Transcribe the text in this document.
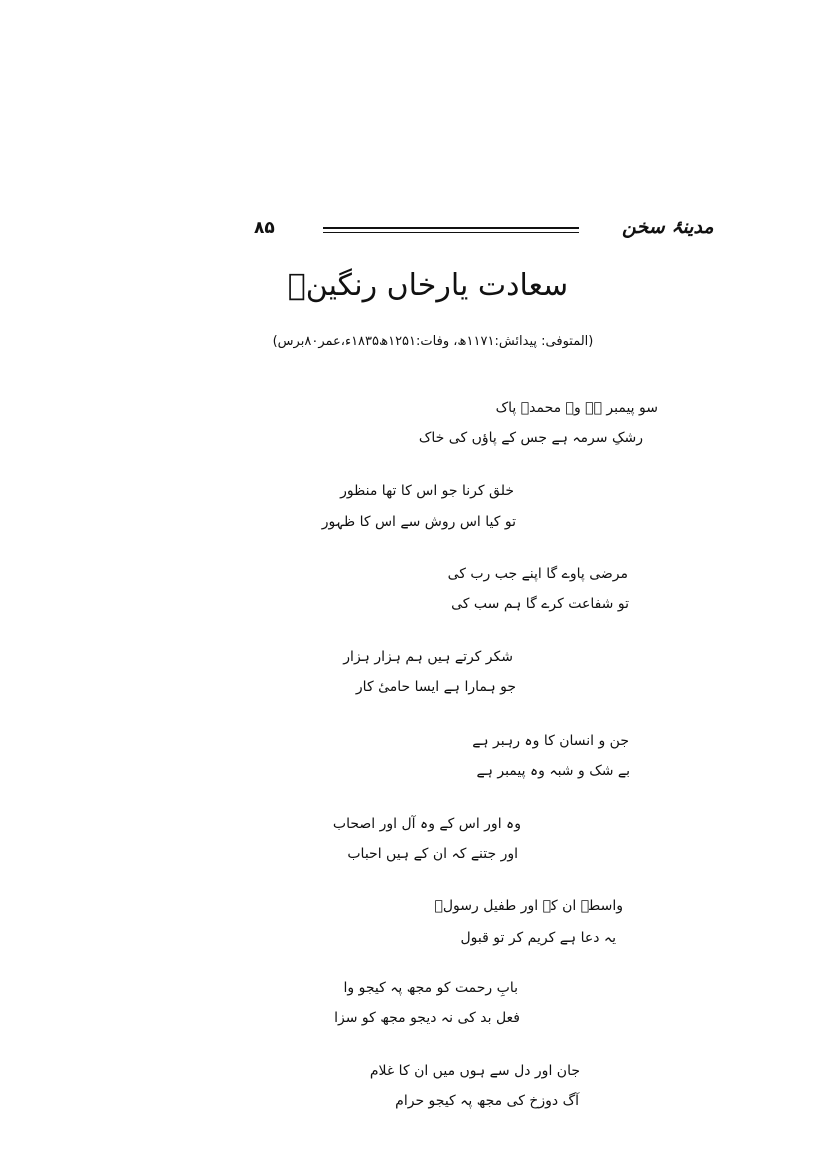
۸۵	مدینۂ سخن
سعادت یارخاں رنگینؔ
(المتوفی: پیدائش:۱۱۷۱ھ، وفات:۱۲۵۱ھ۱۸۳۵ء،عمر۸۰برس)
سو پیمبر ہے وہ محمدؐ پاک
رشکِ سرمہ ہے جس کے پاؤں کی خاک
خلق کرنا جو اس کا تھا منظور
تو کیا اس روش سے اس کا ظہور
مرضی پاوے گا اپنے جب رب کی
تو شفاعت کرے گا ہم سب کی
شکر کرتے ہیں ہم ہزار ہزار
جو ہمارا ہے ایسا حامیٔ کار
جن و انسان کا وہ رہبر ہے
بے شک و شبہ وہ پیمبر ہے
وہ اور اس کے وہ آل اور اصحاب
اور جتنے کہ ان کے ہیں احباب
واسطے ان کے اور طفیل رسولؐ
یہ دعا ہے کریم کر تو قبول
بابِ رحمت کو مجھ پہ کیجو وا
فعل بد کی نہ دیجو مجھ کو سزا
جان اور دل سے ہوں میں ان کا غلام
آگ دوزخ کی مجھ پہ کیجو حرام
